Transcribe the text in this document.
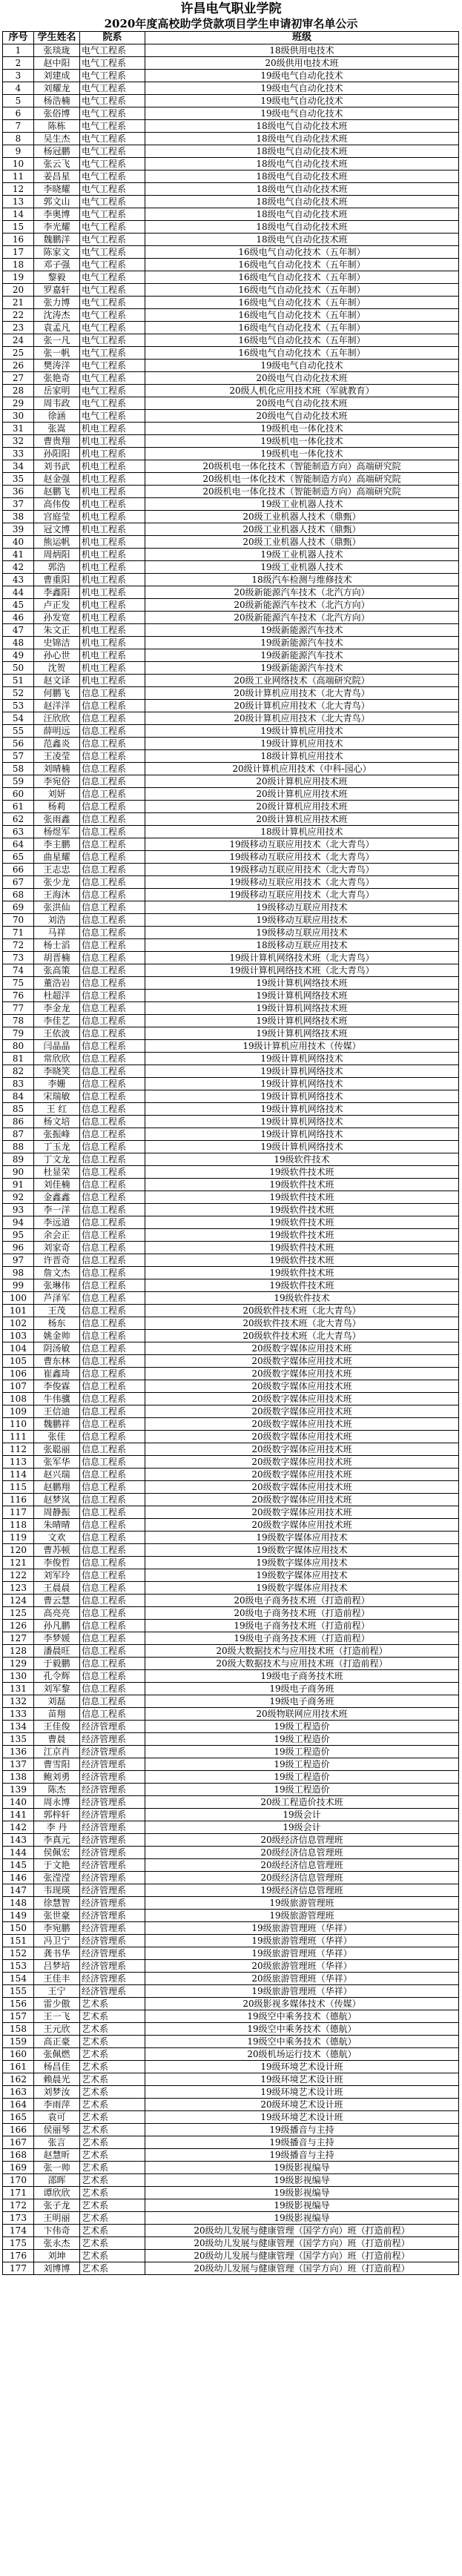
许昌电气职业学院
2020年度高校助学贷款项目学生申请初审名单公示
序号	学生姓名	院系	班级
1	张琰珑	电气工程系	18级供用电技术
2	赵中阳	电气工程系	20级供用电技术班
3	刘建成	电气工程系	19级电气自动化技术
4	刘耀龙	电气工程系	19级电气自动化技术
5	杨浩楠	电气工程系	19级电气自动化技术
6	张俗博	电气工程系	19级电气自动化技术
7	陈栋	电气工程系	18级电气自动化技术班
8	吴生杰	电气工程系	18级电气自动化技术班
9	杨冠鹏	电气工程系	18级电气自动化技术班
10	张云飞	电气工程系	18级电气自动化技术班
11	姜昌星	电气工程系	18级电气自动化技术班
12	李晓耀	电气工程系	18级电气自动化技术班
13	郭文山	电气工程系	18级电气自动化技术班
14	李奥博	电气工程系	18级电气自动化技术班
15	李光耀	电气工程系	18级电气自动化技术班
16	魏鹏洋	电气工程系	18级电气自动化技术班
17	陈家文	电气工程系	16级电气自动化技术（五年制）
18	邓子强	电气工程系	16级电气自动化技术（五年制）
19	黎毅	电气工程系	16级电气自动化技术（五年制）
20	罗嘉轩	电气工程系	16级电气自动化技术（五年制）
21	张力博	电气工程系	16级电气自动化技术（五年制）
22	沈涛杰	电气工程系	16级电气自动化技术（五年制）
23	袁孟凡	电气工程系	16级电气自动化技术（五年制）
24	张一凡	电气工程系	16级电气自动化技术（五年制）
25	张一帆	电气工程系	16级电气自动化技术（五年制）
26	樊涛洋	电气工程系	19级电气自动化技术
27	张艳奇	电气工程系	20级电气自动化技术班
28	岳家明	电气工程系	20级人机化应用技术班（军就教育）
29	周韦政	电气工程系	20级电气自动化技术班
30	徐涵	电气工程系	20级电气自动化技术班
31	张嵩	机电工程系	19级机电一体化技术
32	曹贵翔	机电工程系	19级机电一体化技术
33	孙阳阳	机电工程系	19级机电一体化技术
34	刘书武	机电工程系	20级机电一体化技术（智能制造方向）高端研究院
35	赵金强	机电工程系	20级机电一体化技术（智能制造方向）高端研究院
36	赵鹏飞	机电工程系	20级机电一体化技术（智能制造方向）高端研究院
37	高伟俊	机电工程系	19级工业机器人技术
38	宫庭莹	机电工程系	20级工业机器人技术（鼎甄）
39	冠文博	机电工程系	20级工业机器人技术（鼎甄）
40	熊运帆	机电工程系	20级工业机器人技术（鼎甄）
41	周炳阳	机电工程系	19级工业机器人技术
42	郭浩	机电工程系	19级工业机器人技术
43	曹重阳	机电工程系	18级汽车检测与维修技术
44	李鑫阳	机电工程系	20级新能源汽车技术（北汽方向）
45	卢正发	机电工程系	20级新能源汽车技术（北汽方向）
46	孙发宽	机电工程系	20级新能源汽车技术（北汽方向）
47	朱文正	机电工程系	19级新能源汽车技术
48	史锦洁	机电工程系	19级新能源汽车技术
49	孙心世	机电工程系	19级新能源汽车技术
50	沈贺	机电工程系	19级新能源汽车技术
51	赵文译	机电工程系	20级工业网络技术（高端研究院）
52	何鹏飞	信息工程系	20级计算机应用技术（北大青鸟）
53	赵洋洋	信息工程系	20级计算机应用技术（北大青鸟）
54	汪欣欣	信息工程系	20级计算机应用技术（北大青鸟）
55	薛明远	信息工程系	19级计算机应用技术
56	范鑫炎	信息工程系	19级计算机应用技术
57	王凌莹	信息工程系	18级计算机应用技术
58	刘晴楠	信息工程系	20级计算机应用技术（中科-园心）
59	李宛俗	信息工程系	20级计算机应用技术班
60	刘妍	信息工程系	20级计算机应用技术班
61	杨莉	信息工程系	20级计算机应用技术班
62	张雨鑫	信息工程系	20级计算机应用技术班
63	杨煜军	信息工程系	18级计算机应用技术
64	李主鹏	信息工程系	19级移动互联应用技术（北大青鸟）
65	曲星耀	信息工程系	19级移动互联应用技术（北大青鸟）
66	王志忠	信息工程系	19级移动互联应用技术（北大青鸟）
67	张少龙	信息工程系	19级移动互联应用技术（北大青鸟）
68	王海沐	信息工程系	19级移动互联应用技术（北大青鸟）
69	张洪仙	信息工程系	19级移动互联应用技术
70	刘浩	信息工程系	19级移动互联应用技术
71	马祥	信息工程系	19级移动互联应用技术
72	杨士滔	信息工程系	18级移动互联应用技术
73	胡晋楠	信息工程系	19级计算机网络技术班（北大青鸟）
74	张高策	信息工程系	19级计算机网络技术班（北大青鸟）
75	董浩岩	信息工程系	19级计算机网络技术班
76	杜超洋	信息工程系	19级计算机网络技术班
77	李金龙	信息工程系	19级计算机网络技术班
78	李佳艺	信息工程系	19级计算机网络技术班
79	王依波	信息工程系	19级计算机网络技术班
80	闫晶晶	信息工程系	19级计算机应用技术（传媒）
81	常欣欣	信息工程系	19级计算机网络技术
82	李晓笑	信息工程系	19级计算机网络技术
83	李姗	信息工程系	19级计算机网络技术
84	宋瑞敏	信息工程系	19级计算机网络技术
85	王 红	信息工程系	19级计算机网络技术
86	杨文培	信息工程系	19级计算机网络技术
87	张振峰	信息工程系	19级计算机网络技术
88	丁玉龙	信息工程系	19级计算机网络技术
89	丁文龙	信息工程系	19级软件技术
90	杜显荣	信息工程系	19级软件技术班
91	刘佳楠	信息工程系	19级软件技术班
92	金鑫鑫	信息工程系	19级软件技术班
93	李一洋	信息工程系	19级软件技术班
94	李远道	信息工程系	19级软件技术班
95	余会正	信息工程系	19级软件技术班
96	刘家奇	信息工程系	19级软件技术班
97	许晋奇	信息工程系	19级软件技术班
98	詹文杰	信息工程系	19级软件技术班
99	张琳伟	信息工程系	19级软件技术班
100	芦泽军	信息工程系	19级软件技术
101	王茂	信息工程系	20级软件技术班（北大青鸟）
102	杨东	信息工程系	20级软件技术班（北大青鸟）
103	姚金帅	信息工程系	20级软件技术班（北大青鸟）
104	阴汤敏	信息工程系	20级数字媒体应用技术班
105	曹东林	信息工程系	20级数字媒体应用技术班
106	崔鑫琦	信息工程系	20级数字媒体应用技术班
107	李俊霖	信息工程系	20级数字媒体应用技术班
108	牛伟骥	信息工程系	20级数字媒体应用技术班
109	王信迪	信息工程系	20级数字媒体应用技术班
110	魏鹏祥	信息工程系	20级数字媒体应用技术班
111	张佳	信息工程系	20级数字媒体应用技术班
112	张聪丽	信息工程系	20级数字媒体应用技术班
113	张军华	信息工程系	20级数字媒体应用技术班
114	赵兴瑞	信息工程系	20级数字媒体应用技术班
115	赵鹏翔	信息工程系	20级数字媒体应用技术班
116	赵梦岚	信息工程系	20级数字媒体应用技术班
117	周静振	信息工程系	20级数字媒体应用技术班
118	朱晴晴	信息工程系	20级数字媒体应用技术班
119	文欢	信息工程系	19级数字媒体应用技术
120	曹苏顿	信息工程系	19级数字媒体应用技术
121	李俊哲	信息工程系	19级数字媒体应用技术
122	刘军玲	信息工程系	19级数字媒体应用技术
123	王晨晨	信息工程系	19级数字媒体应用技术
124	曹云慧	信息工程系	20级电子商务技术班（打造前程）
125	高亮亮	信息工程系	20级电子商务技术班（打造前程）
126	孙凡鹏	信息工程系	19级电子商务技术班（打造前程）
127	李梦媛	信息工程系	19级电子商务技术班（打造前程）
128	潘晨旺	信息工程系	20级大数据技术与应用技术班（打造前程）
129	于毅鹏	信息工程系	20级大数据技术与应用技术班（打造前程）
130	孔令辉	信息工程系	19级电子商务技术班
131	刘军黎	信息工程系	19级电子商务班
132	刘磊	信息工程系	19级电子商务班
133	苗翔	信息工程系	20级物联网应用技术班
134	王佳俊	经济管理系	19级工程造价
135	曹晨	经济管理系	19级工程造价
136	江京肖	经济管理系	19级工程造价
137	曹雪阳	经济管理系	19级工程造价
138	鲍刘勇	经济管理系	19级工程造价
139	陈杰	经济管理系	19级工程造价
140	周永博	经济管理系	20级工程造价技术班
141	郭梓轩	经济管理系	19级会计
142	李 丹	经济管理系	19级会计
143	李真元	经济管理系	20级经济信息管理班
144	侯佩宏	经济管理系	20级经济信息管理班
145	于文艳	经济管理系	20级经济信息管理班
146	张滢滢	经济管理系	20级经济信息管理班
147	韦现瑛	经济管理系	19级经济信息管理班
148	徐慧智	经济管理系	19级旅游管理班
149	张世豪	经济管理系	19级旅游管理班
150	李宛鹏	经济管理系	19级旅游管理班（华祥）
151	冯卫宁	经济管理系	19级旅游管理班（华祥）
152	龚书华	经济管理系	19级旅游管理班（华祥）
153	吕梦培	经济管理系	20级旅游管理班（华祥）
154	王佳丰	经济管理系	20级旅游管理班（华祥）
155	王宁	经济管理系	19级旅游管理班（华祥）
156	雷少傲	艺术系	20级影视多媒体技术（传媒）
157	王一飞	艺术系	19级空中乘务技术（德航）
158	王元欣	艺术系	19级空中乘务技术（德航）
159	高正豪	艺术系	19级空中乘务技术（德航）
160	张佩燃	艺术系	20级机场运行技术（德航）
161	杨昌佳	艺术系	19级环境艺术设计班
162	赖晨光	艺术系	19级环境艺术设计班
163	刘梦汝	艺术系	19级环境艺术设计班
164	李雨萍	艺术系	20级环境艺术设计班
165	袁可	艺术系	19级环境艺术设计班
166	侯丽琴	艺术系	19级播音与主持
167	张言	艺术系	19级播音与主持
168	赵慧昕	艺术系	19级播音与主持
169	张一帅	艺术系	19级影视编导
170	邵晖	艺术系	19级影视编导
171	谭欣欣	艺术系	19级影视编导
172	张子龙	艺术系	19级影视编导
173	王明丽	艺术系	19级影视编导
174	卞伟奇	艺术系	20级幼儿发展与健康管理（国学方向）班（打造前程）
175	张永杰	艺术系	20级幼儿发展与健康管理（国学方向）班（打造前程）
176	刘坤	艺术系	20级幼儿发展与健康管理（国学方向）班（打造前程）
177	刘博博	艺术系	20级幼儿发展与健康管理（国学方向）班（打造前程）
